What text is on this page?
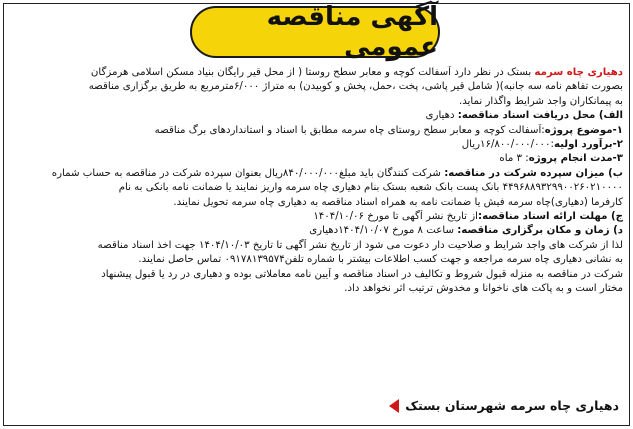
آگهی مناقصه عمومی

دهیاری چاه سرمه بستک در نظر دارد آسفالت کوچه و معابر سطح روستا ( از محل قیر رایگان بنیاد مسکن اسلامی هرمزگان

بصورت تفاهم نامه سه جانبه)( شامل قیر پاشی، پخت ،حمل، پخش و کوبیدن) به متراژ ۶/۰۰۰مترمربع به طریق برگزاری مناقصه

به پیمانکاران واجد شرایط واگذار نماید.

الف) محل دریافت اسناد مناقصه: دهیاری

۱-موضوع پروژه:آسفالت کوچه و معابر سطح روستای چاه سرمه مطابق با اسناد و استانداردهای برگ مناقصه

۲-برآورد اولیه:۱۶/۸۰۰/۰۰۰/۰۰۰ریال

۳-مدت انجام پروژه: ۳ ماه

ب) میزان سپرده شرکت در مناقصه: شرکت کنندگان باید مبلغ۸۴۰/۰۰۰/۰۰۰ریال بعنوان سپرده شرکت در مناقصه به حساب شماره

۴۴۹۶۸۸۹۳۲۹۹۰۰۲۶۰۲۱۰۰۰۰ بانک پست بانک شعبه بستک بنام دهیاری چاه سرمه واریز نمایند یا ضمانت نامه بانکی به نام

کارفرما (دهیاری)چاه سرمه فیش یا ضمانت نامه به همراه اسناد مناقصه به دهیاری چاه سرمه تحویل نمایند.

ج) مهلت ارائه اسناد مناقصه:از تاریخ نشر آگهی تا مورخ ۱۴۰۴/۱۰/۰۶

د) زمان و مکان برگزاری مناقصه: ساعت ۸ مورخ ۱۴۰۴/۱۰/۰۷دهیاری

لذا از شرکت های واجد شرایط و صلاحیت دار دعوت می شود از تاریخ نشر آگهی تا تاریخ ۱۴۰۴/۱۰/۰۳ جهت اخذ اسناد مناقصه

به نشانی دهیاری چاه سرمه مراجعه و جهت کسب اطلاعات بیشتر با شماره تلفن۰۹۱۷۸۱۳۹۵۷۴ تماس حاصل نمایند.

شرکت در مناقصه به منزله قبول شروط و تکالیف در اسناد مناقصه و آیین نامه معاملاتی بوده و دهیاری در رد یا قبول پیشنهاد

مختار است و به پاکت های ناخوانا و مخدوش ترتیب اثر نخواهد داد.

دهیاری چاه سرمه شهرستان بستک
